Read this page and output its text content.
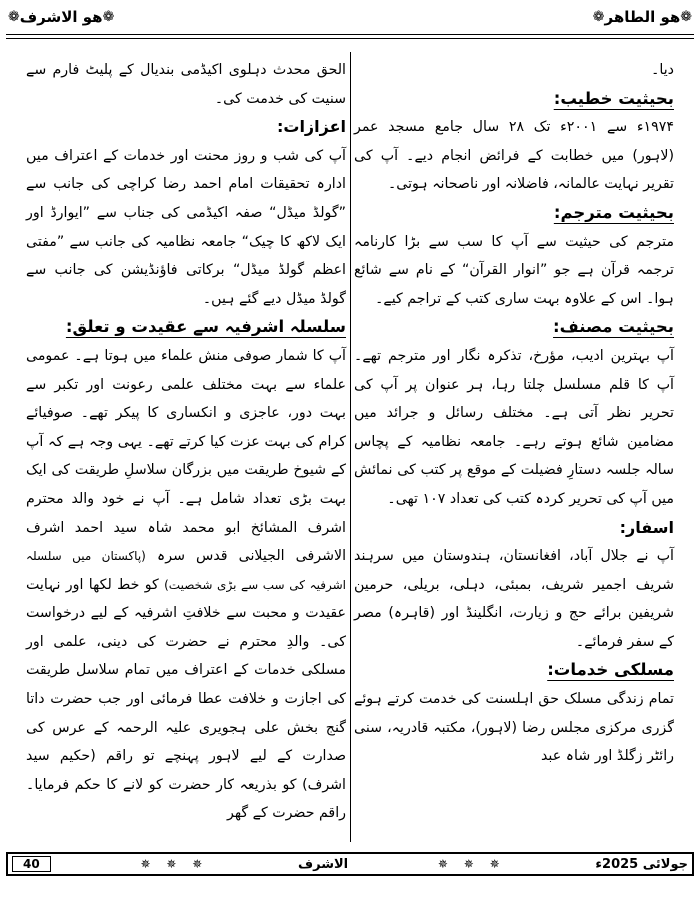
❁
ھو الطاھر
❁
❁
ھو الاشرف
❁

دیا۔

بحیثیت خطیب:

۱۹۷۴ء سے ۲۰۰۱ء تک ۲۸ سال جامع مسجد عمر (لاہور) میں خطابت کے فرائض انجام دیے۔ آپ کی تقریر نہایت عالمانہ، فاضلانہ اور ناصحانہ ہوتی۔

بحیثیت مترجم:

مترجم کی حیثیت سے آپ کا سب سے بڑا کارنامہ ترجمہ قرآن ہے جو ”انوار القرآن“ کے نام سے شائع ہوا۔ اس کے علاوہ بہت ساری کتب کے تراجم کیے۔

بحیثیت مصنف:

آپ بہترین ادیب، مؤرخ، تذکرہ نگار اور مترجم تھے۔ آپ کا قلم مسلسل چلتا رہا، ہر عنوان پر آپ کی تحریر نظر آتی ہے۔ مختلف رسائل و جرائد میں مضامین شائع ہوتے رہے۔ جامعہ نظامیہ کے پچاس سالہ جلسہ دستارِ فضیلت کے موقع پر کتب کی نمائش میں آپ کی تحریر کردہ کتب کی تعداد ۱۰۷ تھی۔

اسفار:

آپ نے جلال آباد، افغانستان، ہندوستان میں سرہند شریف اجمیر شریف، بمبئی، دہلی، بریلی، حرمین شریفین برائے حج و زیارت، انگلینڈ اور (قاہرہ) مصر کے سفر فرمائے۔

مسلکی خدمات:

تمام زندگی مسلک حق اہلسنت کی خدمت کرتے ہوئے گزری مرکزی مجلس رضا (لاہور)، مکتبہ قادریہ، سنی رائٹر زگلڈ اور شاہ عبد

الحق محدث دہلوی اکیڈمی بندیال کے پلیٹ فارم سے سنیت کی خدمت کی۔

اعزازات:

آپ کی شب و روز محنت اور خدمات کے اعتراف میں ادارہ تحقیقات امام احمد رضا کراچی کی جانب سے ”گولڈ میڈل“ صفہ اکیڈمی کی جناب سے ”ایوارڈ اور ایک لاکھ کا چیک“ جامعہ نظامیہ کی جانب سے ”مفتی اعظم گولڈ میڈل“ برکاتی فاؤنڈیشن کی جانب سے گولڈ میڈل دیے گئے ہیں۔

سلسلہ اشرفیہ سے عقیدت و تعلق:

آپ کا شمار صوفی منش علماء میں ہوتا ہے۔ عمومی علماء سے بہت مختلف علمی رعونت اور تکبر سے بہت دور، عاجزی و انکساری کا پیکر تھے۔ صوفیائے کرام کی بہت عزت کیا کرتے تھے۔ یہی وجہ ہے کہ آپ کے شیوخ طریقت میں بزرگان سلاسلِ طریقت کی ایک بہت بڑی تعداد شامل ہے۔ آپ نے خود والد محترم اشرف المشائخ ابو محمد شاہ سید احمد اشرف الاشرفی الجیلانی قدس سرہ (پاکستان میں سلسلہ اشرفیہ کی سب سے بڑی شخصیت) کو خط لکھا اور نہایت عقیدت و محبت سے خلافتِ اشرفیہ کے لیے درخواست کی۔ والدِ محترم نے حضرت کی دینی، علمی اور مسلکی خدمات کے اعتراف میں تمام سلاسل طریقت کی اجازت و خلافت عطا فرمائی اور جب حضرت داتا گنج بخش علی ہجویری علیہ الرحمہ کے عرس کی صدارت کے لیے لاہور پہنچے تو راقم (حکیم سید اشرف) کو بذریعہ کار حضرت کو لانے کا حکم فرمایا۔ راقم حضرت کے گھر

جولائی 2025ء
✵ ✵ ✵
الاشرف
✵ ✵ ✵
40
